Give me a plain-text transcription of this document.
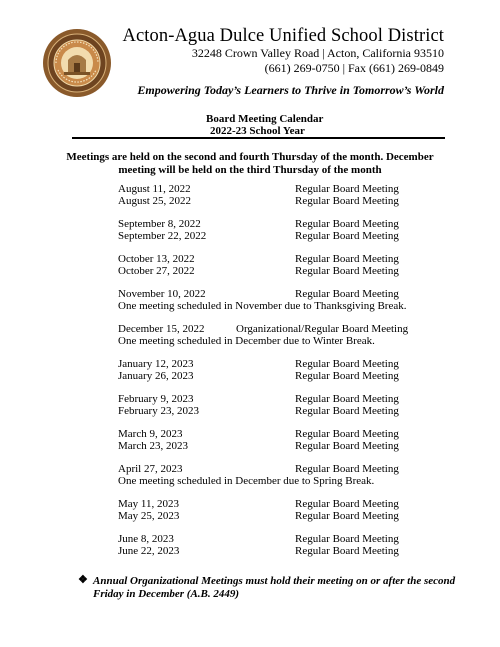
Acton-Agua Dulce Unified School District
32248 Crown Valley Road | Acton, California 93510
(661) 269-0750 | Fax (661) 269-0849
Empowering Today’s Learners to Thrive in Tomorrow’s World
Board Meeting Calendar
2022-23 School Year
Meetings are held on the second and fourth Thursday of the month. December meeting will be held on the third Thursday of the month
August 11, 2022	Regular Board Meeting
August 25, 2022	Regular Board Meeting
September 8, 2022	Regular Board Meeting
September 22, 2022	Regular Board Meeting
October 13, 2022	Regular Board Meeting
October 27, 2022	Regular Board Meeting
November 10, 2022	Regular Board Meeting
One meeting scheduled in November due to Thanksgiving Break.
December 15, 2022	Organizational/Regular Board Meeting
One meeting scheduled in December due to Winter Break.
January 12, 2023	Regular Board Meeting
January 26, 2023	Regular Board Meeting
February 9, 2023	Regular Board Meeting
February 23, 2023	Regular Board Meeting
March 9, 2023	Regular Board Meeting
March 23, 2023	Regular Board Meeting
April 27, 2023	Regular Board Meeting
One meeting scheduled in December due to Spring Break.
May 11, 2023	Regular Board Meeting
May 25, 2023	Regular Board Meeting
June 8, 2023	Regular Board Meeting
June 22, 2023	Regular Board Meeting
❖ Annual Organizational Meetings must hold their meeting on or after the second Friday in December (A.B. 2449)
